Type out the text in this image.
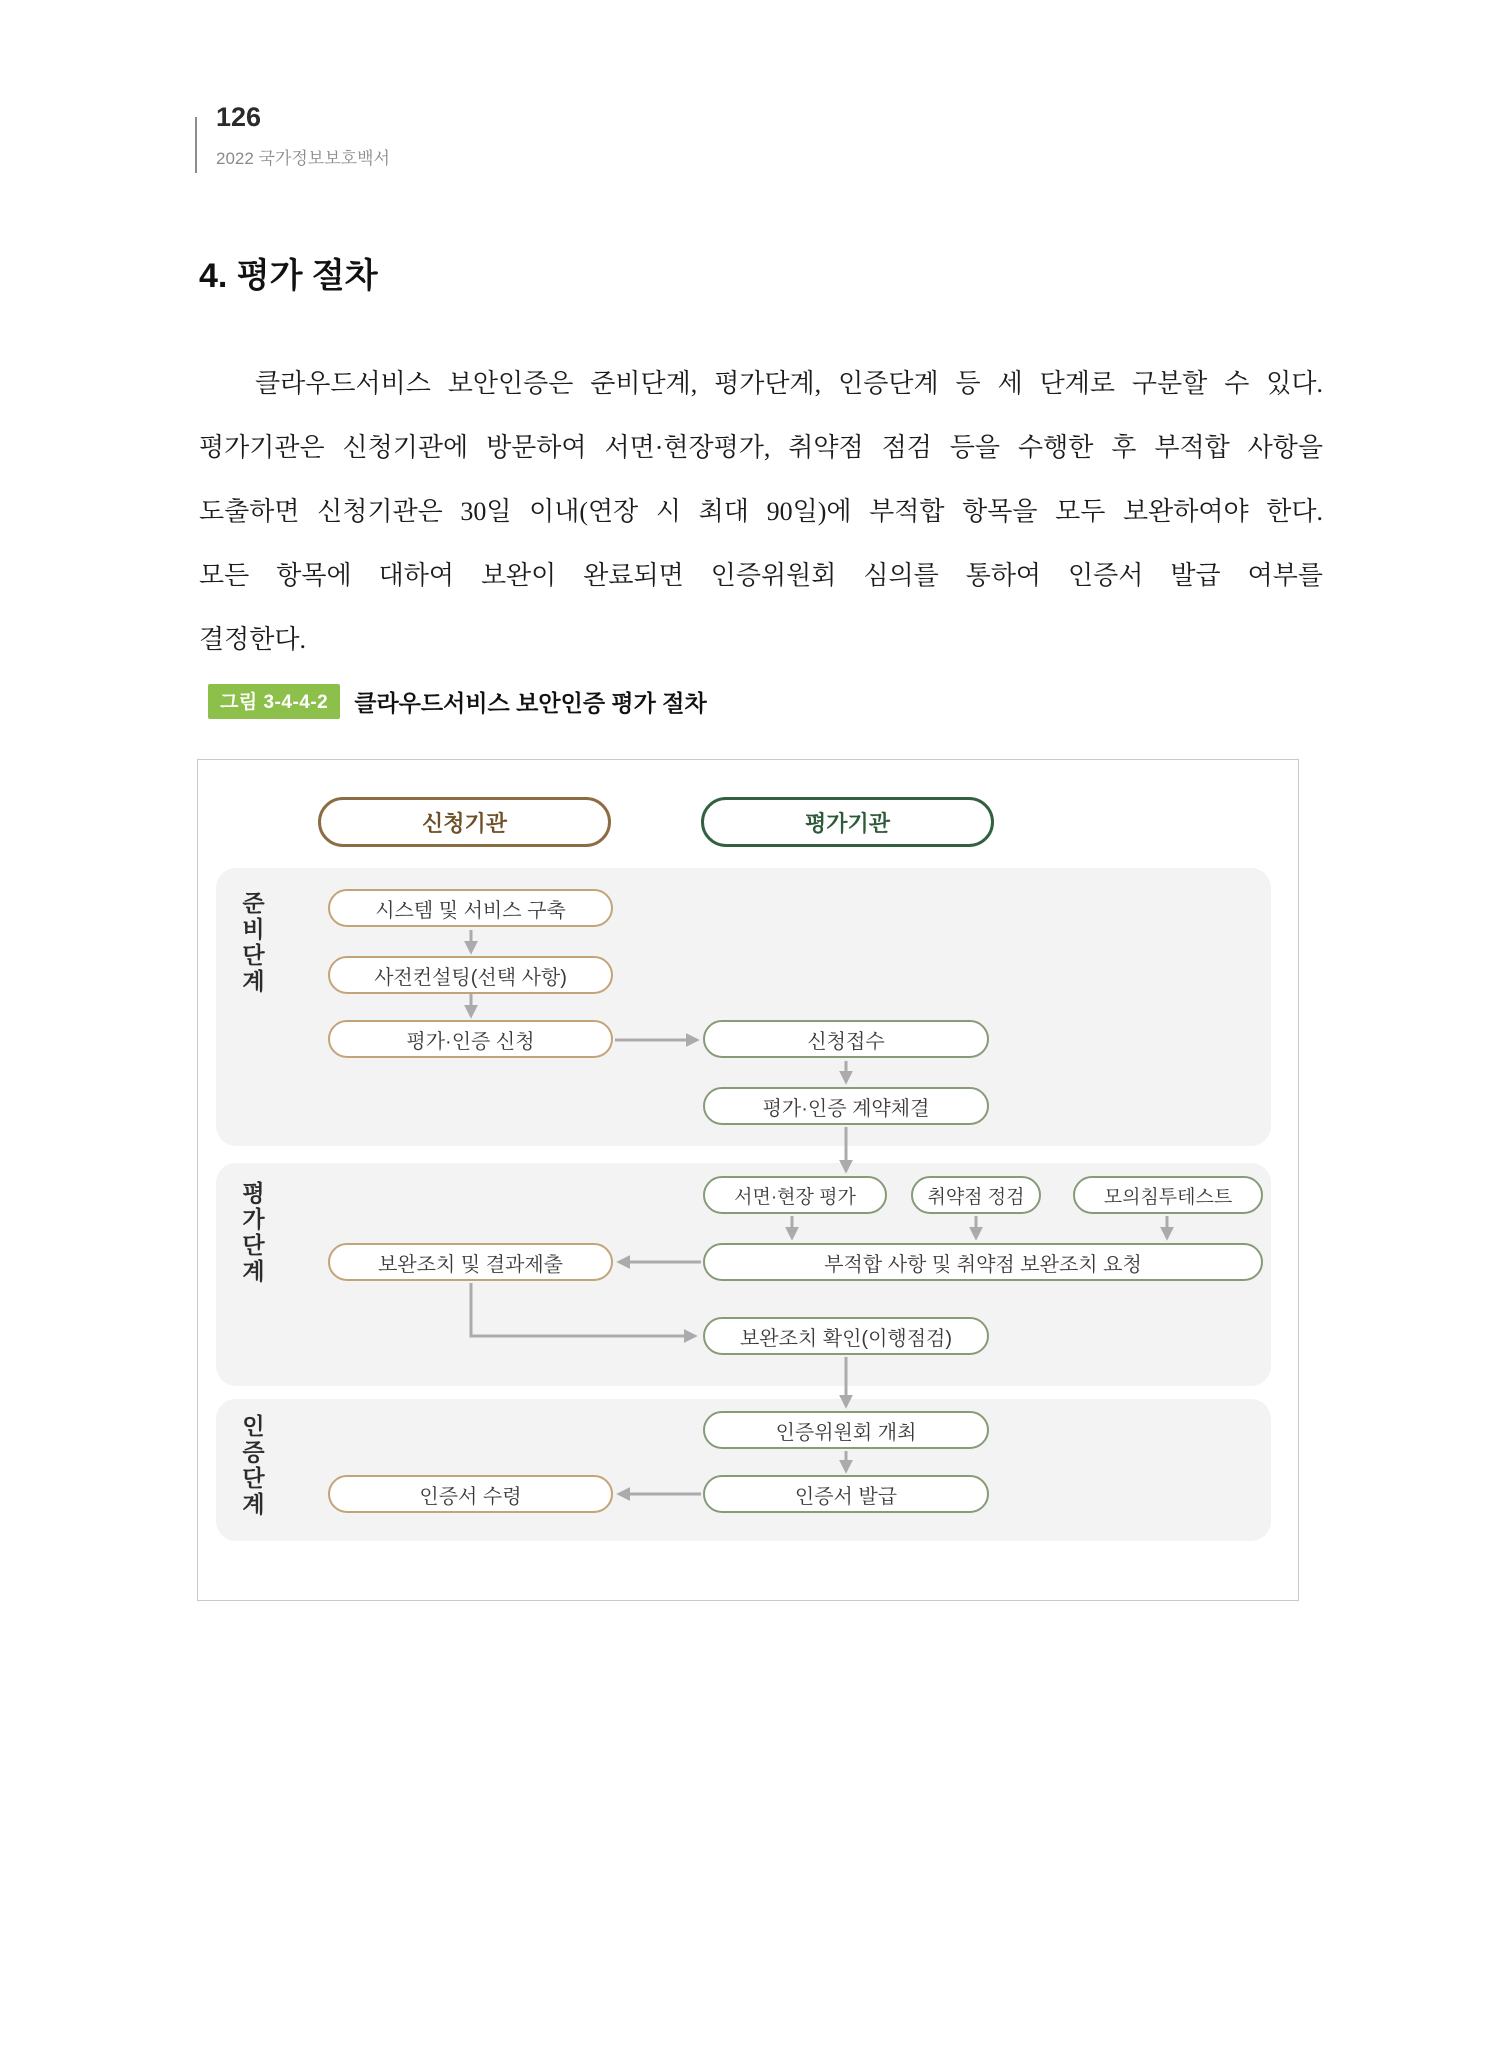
126
2022 국가정보보호백서
4. 평가 절차
클라우드서비스 보안인증은 준비단계, 평가단계, 인증단계 등 세 단계로 구분할 수 있다.
평가기관은 신청기관에 방문하여 서면·현장평가, 취약점 점검 등을 수행한 후 부적합 사항을
도출하면 신청기관은 30일 이내(연장 시 최대 90일)에 부적합 항목을 모두 보완하여야 한다.
모든 항목에 대하여 보완이 완료되면 인증위원회 심의를 통하여 인증서 발급 여부를
결정한다.
그림 3-4-4-2	클라우드서비스 보안인증 평가 절차
준비단계
평가단계
인증단계
신청기관	평가기관
시스템 및 서비스 구축
사전컨설팅(선택 사항)
평가·인증 신청	신청접수
평가·인증 계약체결
서면·현장 평가	취약점 정검	모의침투테스트
부적합 사항 및 취약점 보완조치 요청
보완조치 및 결과제출
보완조치 확인(이행점검)
인증위원회 개최
인증서 발급
인증서 수령
